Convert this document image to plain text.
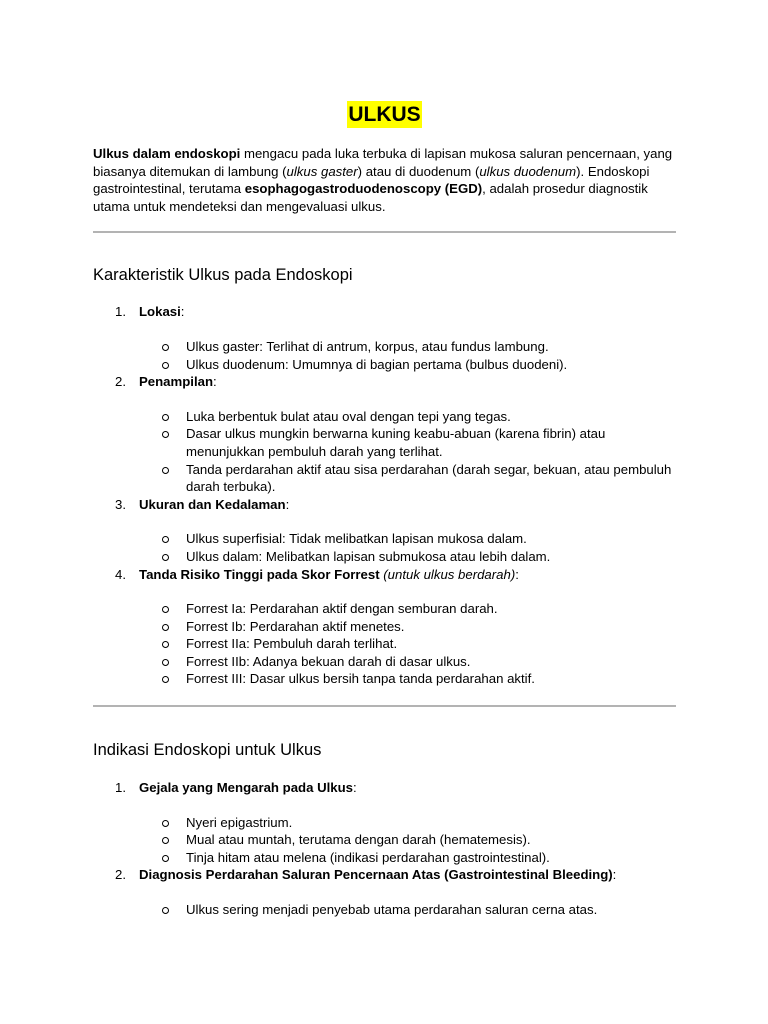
ULKUS

Ulkus dalam endoskopi mengacu pada luka terbuka di lapisan mukosa saluran pencernaan, yang biasanya ditemukan di lambung (ulkus gaster) atau di duodenum (ulkus duodenum). Endoskopi gastrointestinal, terutama esophagogastroduodenoscopy (EGD), adalah prosedur diagnostik utama untuk mendeteksi dan mengevaluasi ulkus.

Karakteristik Ulkus pada Endoskopi
1. Lokasi:
Ulkus gaster: Terlihat di antrum, korpus, atau fundus lambung.
Ulkus duodenum: Umumnya di bagian pertama (bulbus duodeni).
2. Penampilan:
Luka berbentuk bulat atau oval dengan tepi yang tegas.
Dasar ulkus mungkin berwarna kuning keabu-abuan (karena fibrin) atau menunjukkan pembuluh darah yang terlihat.
Tanda perdarahan aktif atau sisa perdarahan (darah segar, bekuan, atau pembuluh darah terbuka).
3. Ukuran dan Kedalaman:
Ulkus superfisial: Tidak melibatkan lapisan mukosa dalam.
Ulkus dalam: Melibatkan lapisan submukosa atau lebih dalam.
4. Tanda Risiko Tinggi pada Skor Forrest (untuk ulkus berdarah):
Forrest Ia: Perdarahan aktif dengan semburan darah.
Forrest Ib: Perdarahan aktif menetes.
Forrest IIa: Pembuluh darah terlihat.
Forrest IIb: Adanya bekuan darah di dasar ulkus.
Forrest III: Dasar ulkus bersih tanpa tanda perdarahan aktif.
Indikasi Endoskopi untuk Ulkus
1. Gejala yang Mengarah pada Ulkus:
Nyeri epigastrium.
Mual atau muntah, terutama dengan darah (hematemesis).
Tinja hitam atau melena (indikasi perdarahan gastrointestinal).
2. Diagnosis Perdarahan Saluran Pencernaan Atas (Gastrointestinal Bleeding):
Ulkus sering menjadi penyebab utama perdarahan saluran cerna atas.
